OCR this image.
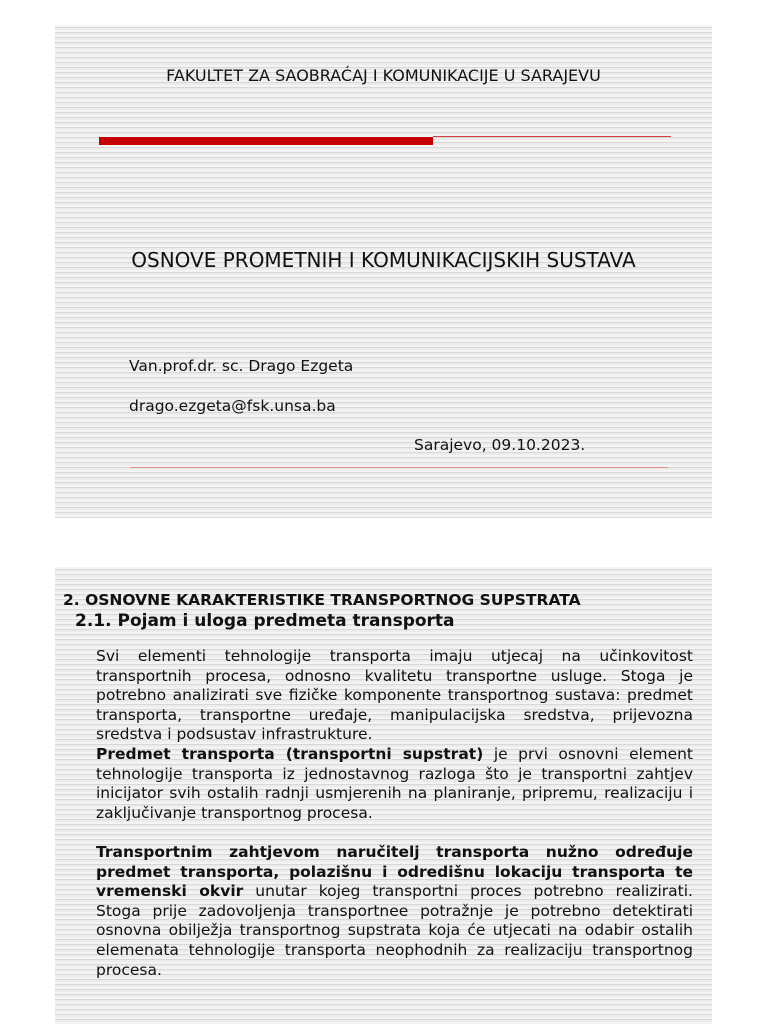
FAKULTET ZA SAOBRAĆAJ I KOMUNIKACIJE U SARAJEVU
OSNOVE PROMETNIH I KOMUNIKACIJSKIH SUSTAVA
Van.prof.dr. sc. Drago Ezgeta
drago.ezgeta@fsk.unsa.ba
Sarajevo, 09.10.2023.
2. OSNOVNE KARAKTERISTIKE TRANSPORTNOG SUPSTRATA
2.1. Pojam i uloga predmeta transporta

Svi elementi tehnologije transporta imaju utjecaj na učinkovitost transportnih procesa, odnosno kvalitetu transportne usluge. Stoga je potrebno analizirati sve fizičke komponente transportnog sustava: predmet transporta, transportne uređaje, manipulacijska sredstva, prijevozna sredstva i podsustav infrastrukture.

Predmet transporta (transportni supstrat) je prvi osnovni element tehnologije transporta iz jednostavnog razloga što je transportni zahtjev inicijator svih ostalih radnji usmjerenih na planiranje, pripremu, realizaciju i zaključivanje transportnog procesa.

Transportnim zahtjevom naručitelj transporta nužno određuje predmet transporta, polazišnu i odredišnu lokaciju transporta te vremenski okvir unutar kojeg transportni proces potrebno realizirati. Stoga prije zadovoljenja transportnee potražnje je potrebno detektirati osnovna obilježja transportnog supstrata koja će utjecati na odabir ostalih elemenata tehnologije transporta neophodnih za realizaciju transportnog procesa.
